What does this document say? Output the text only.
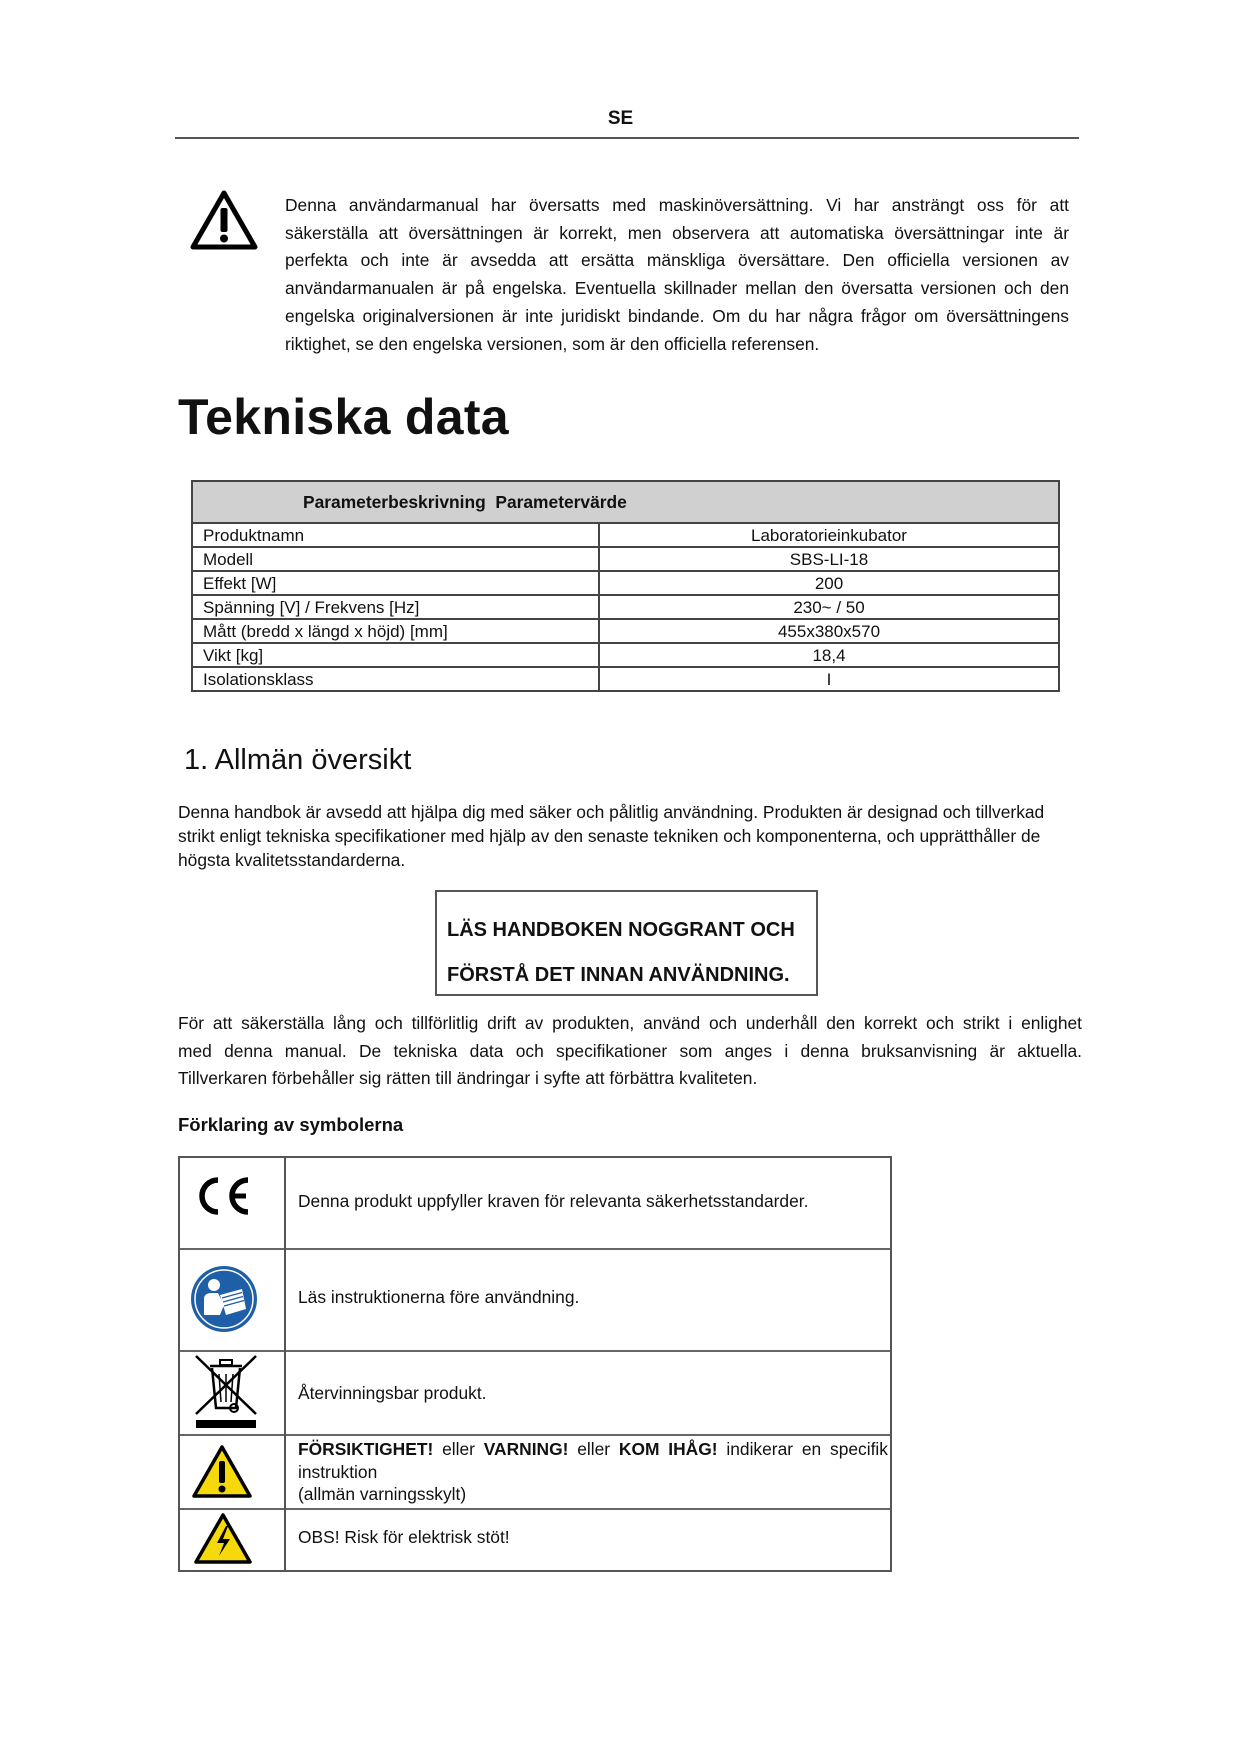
SE
Denna användarmanual har översatts med maskinöversättning. Vi har ansträngt oss för att
säkerställa att översättningen är korrekt, men observera att automatiska översättningar inte är
perfekta och inte är avsedda att ersätta mänskliga översättare. Den officiella versionen av
användarmanualen är på engelska. Eventuella skillnader mellan den översatta versionen och den
engelska originalversionen är inte juridiskt bindande. Om du har några frågor om översättningens
riktighet, se den engelska versionen, som är den officiella referensen.
Tekniska data
Parameterbeskrivning  Parametervärde	
Produktnamn	Laboratorieinkubator
Modell	SBS-LI-18
Effekt [W]	200
Spänning [V] / Frekvens [Hz]	230~ / 50
Mått (bredd x längd x höjd) [mm]	455x380x570
Vikt [kg]	18,4
Isolationsklass	I
1. Allmän översikt
Denna handbok är avsedd att hjälpa dig med säker och pålitlig användning. Produkten är designad och tillverkad strikt enligt tekniska specifikationer med hjälp av den senaste tekniken och komponenterna, och upprätthåller de högsta kvalitetsstandarderna.
LÄS HANDBOKEN NOGGRANT OCH
FÖRSTÅ DET INNAN ANVÄNDNING.
För att säkerställa lång och tillförlitlig drift av produkten, använd och underhåll den korrekt och strikt i enlighet
med denna manual. De tekniska data och specifikationer som anges i denna bruksanvisning är aktuella.
Tillverkaren förbehåller sig rätten till ändringar i syfte att förbättra kvaliteten.
Förklaring av symbolerna
Denna produkt uppfyller kraven för relevanta säkerhetsstandarder.
Läs instruktionerna före användning.
Återvinningsbar produkt.
FÖRSIKTIGHET! eller VARNING! eller KOM IHÅG! indikerar en specifik
instruktion
(allmän varningsskylt)
OBS! Risk för elektrisk stöt!
